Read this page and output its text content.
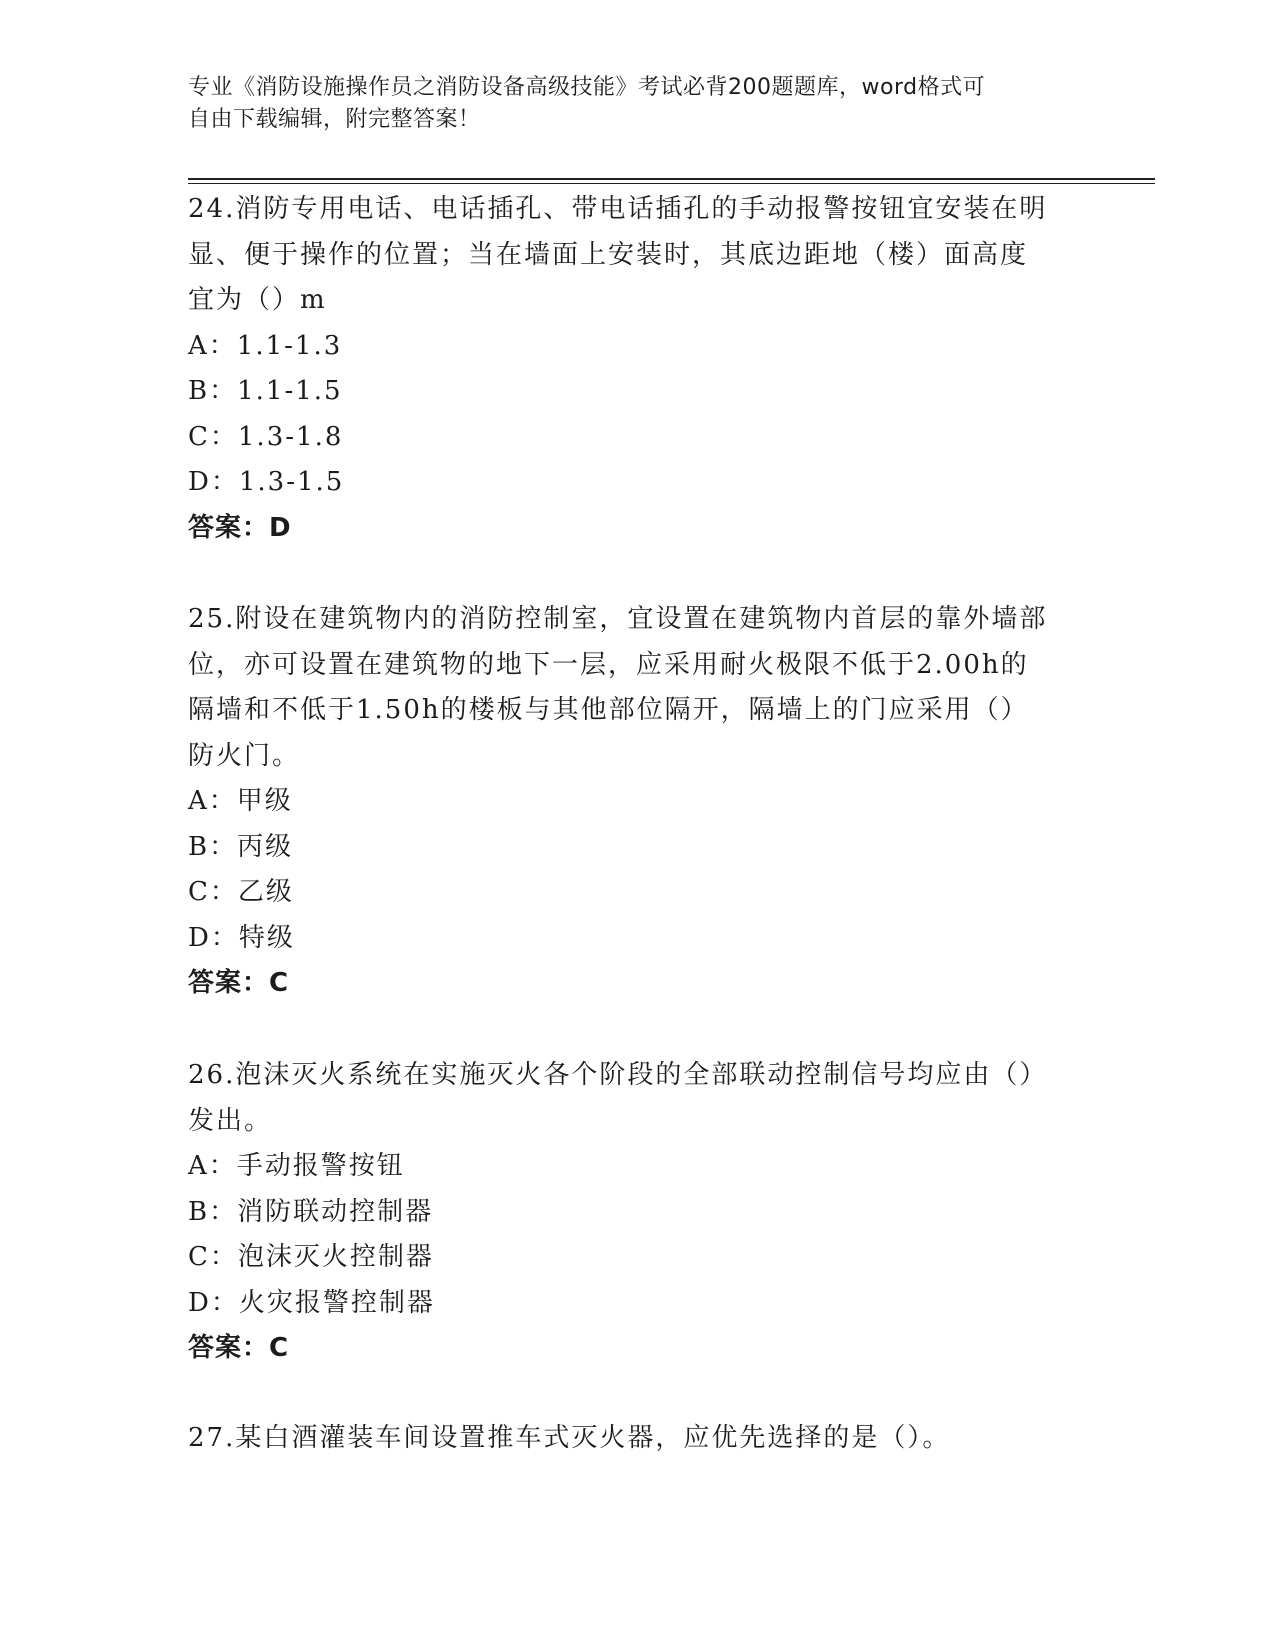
专业《消防设施操作员之消防设备高级技能》考试必背200题题库，word格式可
自由下载编辑，附完整答案！

24.消防专用电话、电话插孔、带电话插孔的手动报警按钮宜安装在明

显、便于操作的位置；当在墙面上安装时，其底边距地（楼）面高度

宜为（）m

A：1.1-1.3

B：1.1-1.5

C：1.3-1.8

D：1.3-1.5

答案：D

25.附设在建筑物内的消防控制室，宜设置在建筑物内首层的靠外墙部

位，亦可设置在建筑物的地下一层，应采用耐火极限不低于2.00h的

隔墙和不低于1.50h的楼板与其他部位隔开，隔墙上的门应采用（）

防火门。

A：甲级

B：丙级

C：乙级

D：特级

答案：C

26.泡沫灭火系统在实施灭火各个阶段的全部联动控制信号均应由（）

发出。

A：手动报警按钮

B：消防联动控制器

C：泡沫灭火控制器

D：火灾报警控制器

答案：C

27.某白酒灌装车间设置推车式灭火器，应优先选择的是（）。
